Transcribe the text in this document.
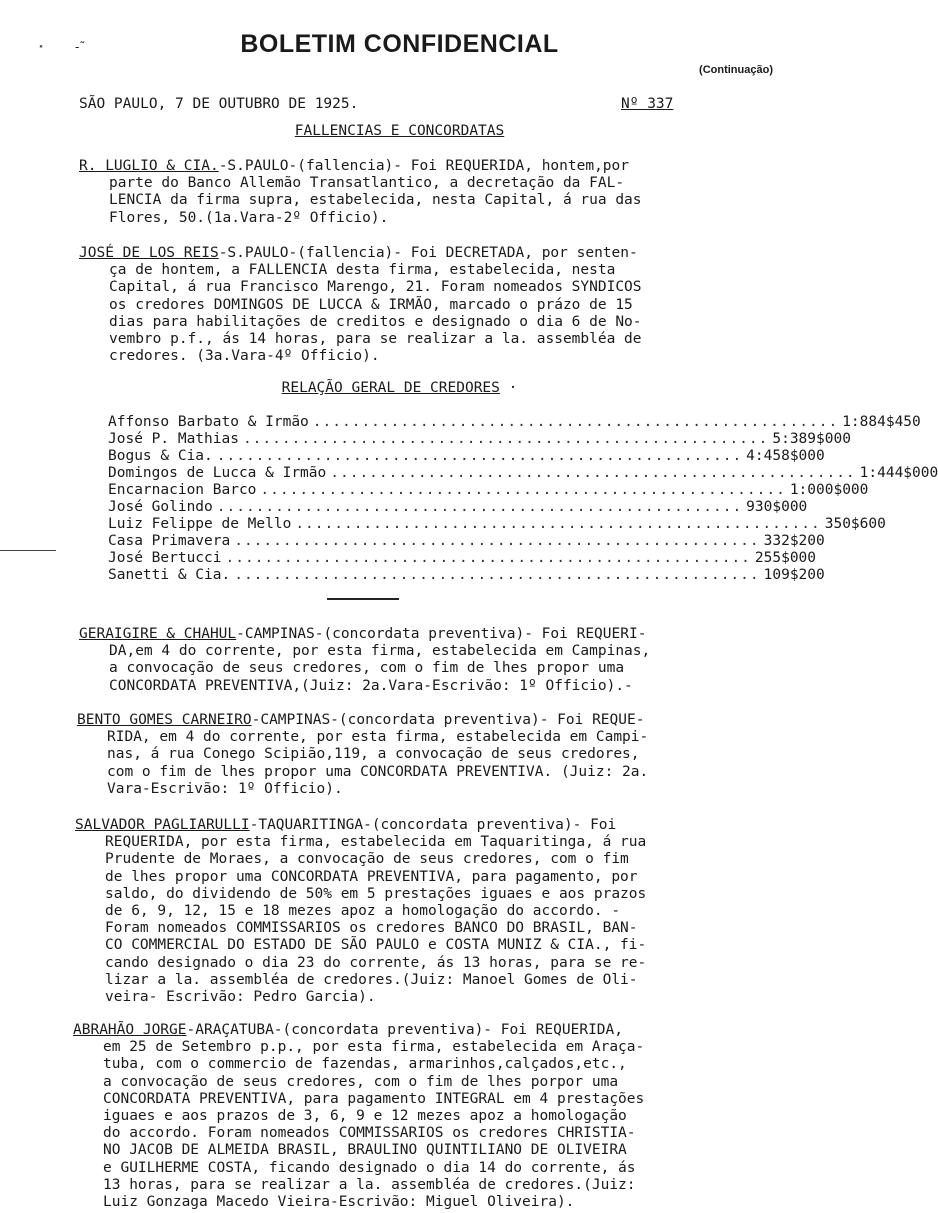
˟	-˜	BOLETIM CONFIDENCIAL
(Continuação)
SÃO PAULO, 7 DE OUTUBRO DE 1925.	Nº 337
FALLENCIAS E CONCORDATAS
R. LUGLIO & CIA.-S.PAULO-(fallencia)- Foi REQUERIDA, hontem,por
parte do Banco Allemão Transatlantico, a decretação da FAL-
LENCIA da firma supra, estabelecida, nesta Capital, á rua das
Flores, 50.(1a.Vara-2º Officio).
JOSÉ DE LOS REIS-S.PAULO-(fallencia)- Foi DECRETADA, por senten-
ça de hontem, a FALLENCIA desta firma, estabelecida, nesta
Capital, á rua Francisco Marengo, 21. Foram nomeados SYNDICOS
os credores DOMINGOS DE LUCCA & IRMÃO, marcado o prázo de 15
dias para habilitações de creditos e designado o dia 6 de No-
vembro p.f., ás 14 horas, para se realizar a la. assembléa de
credores. (3a.Vara-4º Officio).
RELAÇÃO GERAL DE CREDORES ·
Affonso Barbato & Irmão ...................................................... 1:884$450
José P. Mathias ...................................................... 5:389$000
Bogus & Cia. ...................................................... 4:458$000
Domingos de Lucca & Irmão ...................................................... 1:444$000
Encarnacion Barco ...................................................... 1:000$000
José Golindo ...................................................... 930$000
Luiz Felippe de Mello ...................................................... 350$600
Casa Primavera ...................................................... 332$200
José Bertucci ...................................................... 255$000
Sanetti & Cia. ...................................................... 109$200
GERAIGIRE & CHAHUL-CAMPINAS-(concordata preventiva)- Foi REQUERI-
DA,em 4 do corrente, por esta firma, estabelecida em Campinas,
a convocação de seus credores, com o fim de lhes propor uma
CONCORDATA PREVENTIVA,(Juiz: 2a.Vara-Escrivão: 1º Officio).-
BENTO GOMES CARNEIRO-CAMPINAS-(concordata preventiva)- Foi REQUE-
RIDA, em 4 do corrente, por esta firma, estabelecida em Campi-
nas, á rua Conego Scipião,119, a convocação de seus credores,
com o fim de lhes propor uma CONCORDATA PREVENTIVA. (Juiz: 2a.
Vara-Escrivão: 1º Officio).
SALVADOR PAGLIARULLI-TAQUARITINGA-(concordata preventiva)- Foi
REQUERIDA, por esta firma, estabelecida em Taquaritinga, á rua
Prudente de Moraes, a convocação de seus credores, com o fim
de lhes propor uma CONCORDATA PREVENTIVA, para pagamento, por
saldo, do dividendo de 50% em 5 prestações iguaes e aos prazos
de 6, 9, 12, 15 e 18 mezes apoz a homologação do accordo. -
Foram nomeados COMMISSARIOS os credores BANCO DO BRASIL, BAN-
CO COMMERCIAL DO ESTADO DE SÃO PAULO e COSTA MUNIZ & CIA., fi-
cando designado o dia 23 do corrente, ás 13 horas, para se re-
lizar a la. assembléa de credores.(Juiz: Manoel Gomes de Oli-
veira- Escrivão: Pedro Garcia).
ABRAHÃO JORGE-ARAÇATUBA-(concordata preventiva)- Foi REQUERIDA,
em 25 de Setembro p.p., por esta firma, estabelecida em Araça-
tuba, com o commercio de fazendas, armarinhos,calçados,etc.,
a convocação de seus credores, com o fim de lhes porpor uma
CONCORDATA PREVENTIVA, para pagamento INTEGRAL em 4 prestações
iguaes e aos prazos de 3, 6, 9 e 12 mezes apoz a homologação
do accordo. Foram nomeados COMMISSARIOS os credores CHRISTIA-
NO JACOB DE ALMEIDA BRASIL, BRAULINO QUINTILIANO DE OLIVEIRA
e GUILHERME COSTA, ficando designado o dia 14 do corrente, ás
13 horas, para se realizar a la. assembléa de credores.(Juiz:
Luiz Gonzaga Macedo Vieira-Escrivão: Miguel Oliveira).
